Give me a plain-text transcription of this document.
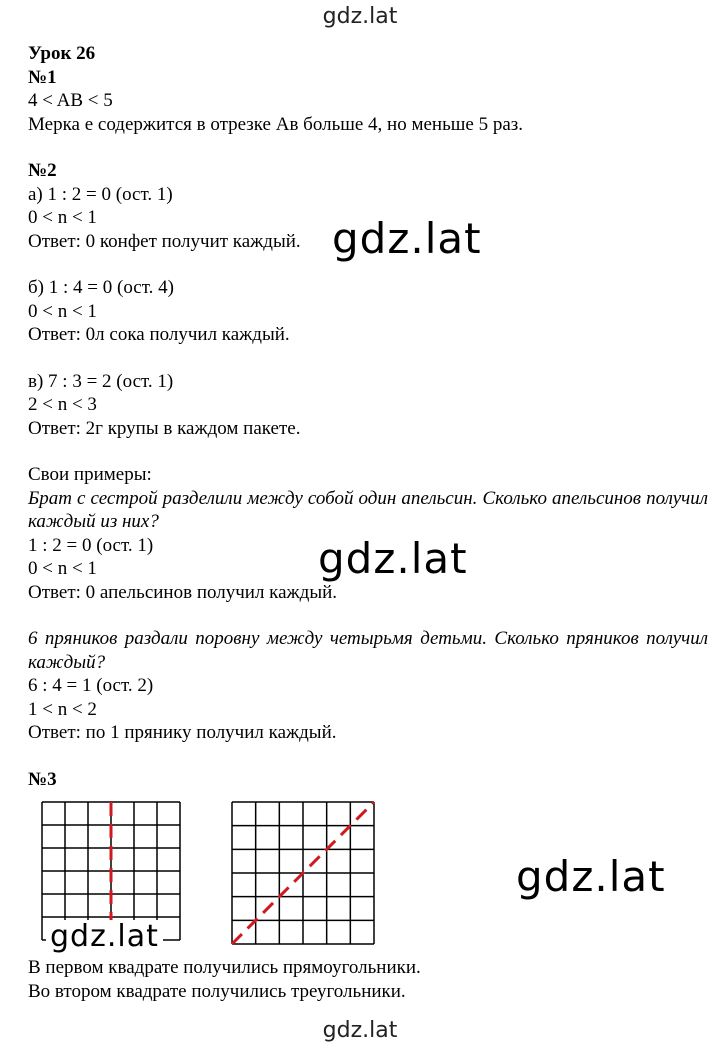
gdz.lat
Урок 26
№1
4 < AB < 5
Мерка е содержится в отрезке Ав больше 4, но меньше 5 раз.
№2
а) 1 : 2 = 0 (ост. 1)
0 < n < 1
Ответ: 0 конфет получит каждый.
б) 1 : 4 = 0 (ост. 4)
0 < n < 1
Ответ: 0л сока получил каждый.
в) 7 : 3 = 2 (ост. 1)
2 < n < 3
Ответ: 2г крупы в каждом пакете.
Свои примеры:
Брат с сестрой разделили между собой один апельсин. Сколько апельсинов получил каждый из них?
1 : 2 = 0 (ост. 1)
0 < n < 1
Ответ: 0 апельсинов получил каждый.
6 пряников раздали поровну между четырьмя детьми. Сколько пряников получил каждый?
6 : 4 = 1 (ост. 2)
1 < n < 2
Ответ: по 1 прянику получил каждый.
№3
В первом квадрате получились прямоугольники.
Во втором квадрате получились треугольники.
gdz.lat
gdz.lat
gdz.lat
gdz.lat
gdz.lat
